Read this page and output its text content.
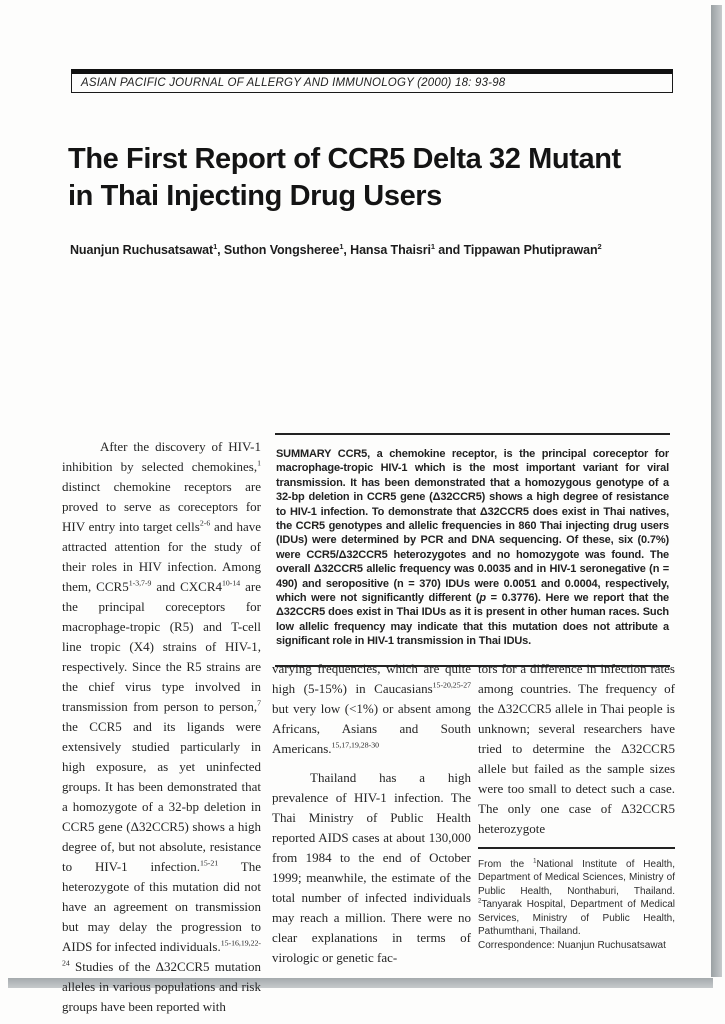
ASIAN PACIFIC JOURNAL OF ALLERGY AND IMMUNOLOGY (2000) 18: 93-98
The First Report of CCR5 Delta 32 Mutant
in Thai Injecting Drug Users
Nuanjun Ruchusatsawat$^1$, Suthon Vongsheree$^1$, Hansa Thaisri$^1$ and Tippawan Phutiprawan$^2$

After the discovery of HIV-1 inhibition by selected chemokines,$^1$ distinct chemokine receptors are proved to serve as coreceptors for HIV entry into target cells$^{2-6}$ and have attracted attention for the study of their roles in HIV infection. Among them, CCR5$^{1-3,7-9}$ and CXCR4$^{10-14}$ are the principal coreceptors for macrophage-tropic (R5) and T-cell line tropic (X4) strains of HIV-1, respectively. Since the R5 strains are the chief virus type involved in transmission from person to person,$^7$ the CCR5 and its ligands were extensively studied particularly in high exposure, as yet uninfected groups. It has been demonstrated that a homozygote of a 32-bp deletion in CCR5 gene (Δ32CCR5) shows a high degree of, but not absolute, resistance to HIV-1 infection.$^{15-21}$ The heterozygote of this mutation did not have an agreement on transmission but may delay the progression to AIDS for infected individuals.$^{15-16,19,22-24}$ Studies of the Δ32CCR5 mutation alleles in various populations and risk groups have been reported with

SUMMARY CCR5, a chemokine receptor, is the principal coreceptor for macrophage-tropic HIV-1 which is the most important variant for viral transmission. It has been demonstrated that a homozygous genotype of a 32-bp deletion in CCR5 gene (Δ32CCR5) shows a high degree of resistance to HIV-1 infection. To demonstrate that Δ32CCR5 does exist in Thai natives, the CCR5 genotypes and allelic frequencies in 860 Thai injecting drug users (IDUs) were determined by PCR and DNA sequencing. Of these, six (0.7%) were CCR5/Δ32CCR5 heterozygotes and no homozygote was found. The overall Δ32CCR5 allelic frequency was 0.0035 and in HIV-1 seronegative (n = 490) and seropositive (n = 370) IDUs were 0.0051 and 0.0004, respectively, which were not significantly different (p = 0.3776). Here we report that the Δ32CCR5 does exist in Thai IDUs as it is present in other human races. Such low allelic frequency may indicate that this mutation does not attribute a significant role in HIV-1 transmission in Thai IDUs.

varying frequencies, which are quite high (5-15%) in Caucasians$^{15-20,25-27}$ but very low (<1%) or absent among Africans, Asians and South Americans.$^{15,17,19,28-30}$

Thailand has a high prevalence of HIV-1 infection. The Thai Ministry of Public Health reported AIDS cases at about 130,000 from 1984 to the end of October 1999; meanwhile, the estimate of the total number of infected individuals may reach a million. There were no clear explanations in terms of virologic or genetic fac-

tors for a difference in infection rates among countries. The frequency of the Δ32CCR5 allele in Thai people is unknown; several researchers have tried to determine the Δ32CCR5 allele but failed as the sample sizes were too small to detect such a case. The only one case of Δ32CCR5 heterozygote

From the $^1$National Institute of Health, Department of Medical Sciences, Ministry of Public Health, Nonthaburi, Thailand. $^2$Tanyarak Hospital, Department of Medical Services, Ministry of Public Health, Pathumthani, Thailand.

Correspondence: Nuanjun Ruchusatsawat
